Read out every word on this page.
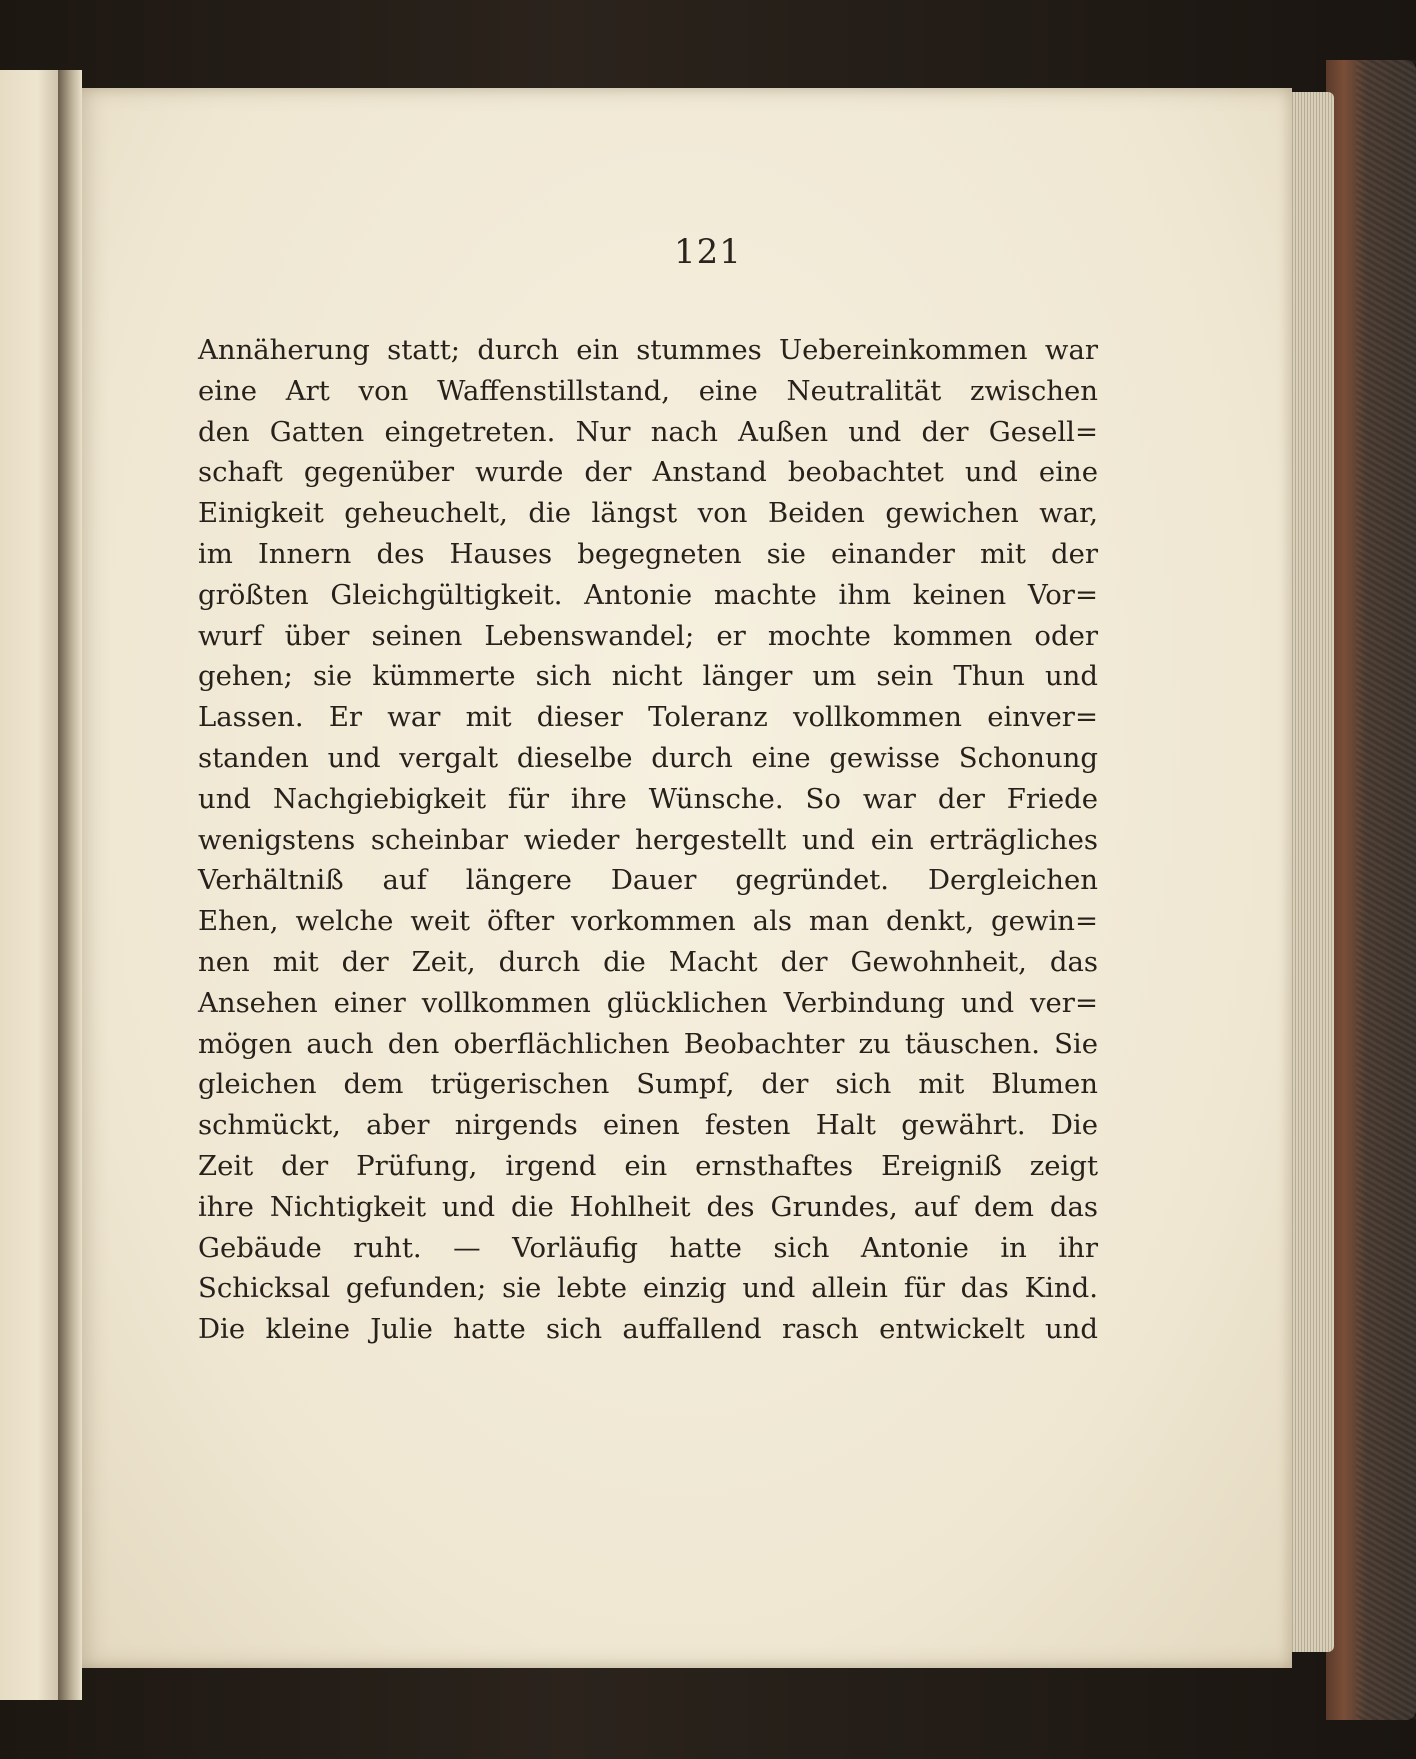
121
Annäherung statt; durch ein stummes Uebereinkommen war
eine Art von Waffenstillstand, eine Neutralität zwischen
den Gatten eingetreten. Nur nach Außen und der Gesell=
schaft gegenüber wurde der Anstand beobachtet und eine
Einigkeit geheuchelt, die längst von Beiden gewichen war,
im Innern des Hauses begegneten sie einander mit der
größten Gleichgültigkeit. Antonie machte ihm keinen Vor=
wurf über seinen Lebenswandel; er mochte kommen oder
gehen; sie kümmerte sich nicht länger um sein Thun und
Lassen. Er war mit dieser Toleranz vollkommen einver=
standen und vergalt dieselbe durch eine gewisse Schonung
und Nachgiebigkeit für ihre Wünsche. So war der Friede
wenigstens scheinbar wieder hergestellt und ein erträgliches
Verhältniß auf längere Dauer gegründet. Dergleichen
Ehen, welche weit öfter vorkommen als man denkt, gewin=
nen mit der Zeit, durch die Macht der Gewohnheit, das
Ansehen einer vollkommen glücklichen Verbindung und ver=
mögen auch den oberflächlichen Beobachter zu täuschen. Sie
gleichen dem trügerischen Sumpf, der sich mit Blumen
schmückt, aber nirgends einen festen Halt gewährt. Die
Zeit der Prüfung, irgend ein ernsthaftes Ereigniß zeigt
ihre Nichtigkeit und die Hohlheit des Grundes, auf dem das
Gebäude ruht. — Vorläufig hatte sich Antonie in ihr
Schicksal gefunden; sie lebte einzig und allein für das Kind.
Die kleine Julie hatte sich auffallend rasch entwickelt und
